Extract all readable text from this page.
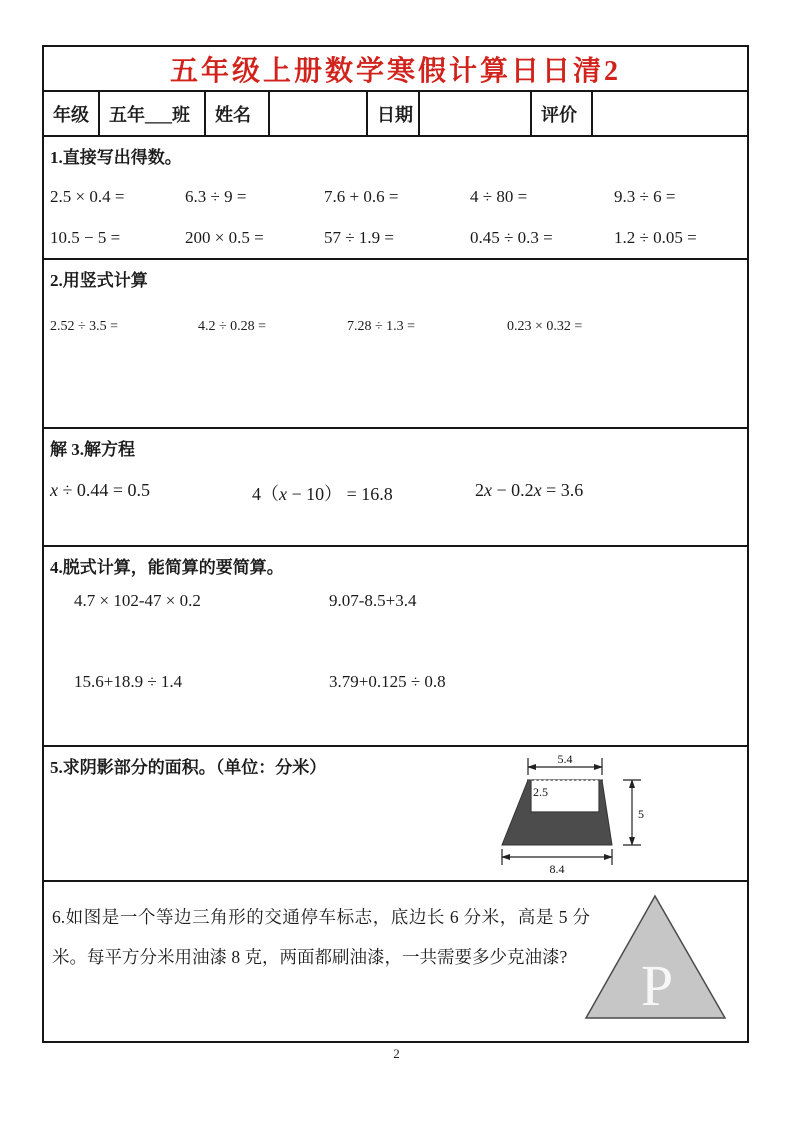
五年级上册数学寒假计算日日清2
年级	五年___班	姓名	日期	评价
1.直接写出得数。
2.5 × 0.4 =	6.3 ÷ 9 =	7.6 + 0.6 =	4 ÷ 80 =	9.3 ÷ 6 =
10.5 − 5 =	200 × 0.5 =	57 ÷ 1.9 =	0.45 ÷ 0.3 =	1.2 ÷ 0.05 =
2.用竖式计算
2.52 ÷ 3.5 =	4.2 ÷ 0.28 =	7.28 ÷ 1.3 =	0.23 × 0.32 =
解 3.解方程
x ÷ 0.44 = 0.5	4（x − 10） = 16.8	2x − 0.2x = 3.6
4.脱式计算，能简算的要简算。
4.7 × 102-47 × 0.2	9.07-8.5+3.4
15.6+18.9 ÷ 1.4	3.79+0.125 ÷ 0.8
5.求阴影部分的面积。（单位：分米）	5.4
2.5
5
8.4
6.如图是一个等边三角形的交通停车标志，底边长 6 分米，高是 5 分米。每平方分米用油漆 8 克，两面都刷油漆，一共需要多少克油漆?	P
2
